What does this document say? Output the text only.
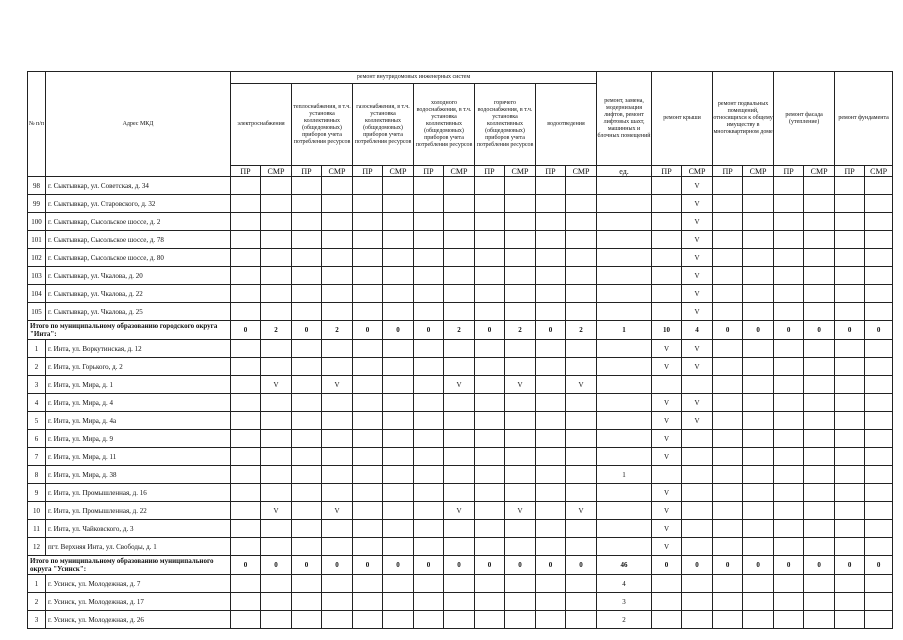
№ п/п	Адрес МКД	ремонт внутридомовых инженерных систем												ремонт, замена, модернизация лифтов, ремонт лифтовых шахт, машинных и блочных помещений	ремонт крыши		ремонт подвальных помещений, относящихся к общему имуществу в многоквартирном доме		ремонт фасада (утепление)		ремонт фундамента	
		электроснабжения		теплоснабжения, в т.ч. установка коллективных (общедомовых) приборов учета потребления ресурсов		газоснабжения, в т.ч. установка коллективных (общедомовых) приборов учета потребления ресурсов		холодного водоснабжения, в т.ч. установка коллективных (общедомовых) приборов учета потребления ресурсов		горячего водоснабжения, в т.ч. установка коллективных (общедомовых) приборов учета потребления ресурсов		водоотведения										
		ПР	СМР	ПР	СМР	ПР	СМР	ПР	СМР	ПР	СМР	ПР	СМР	ед.	ПР	СМР	ПР	СМР	ПР	СМР	ПР	СМР
98	г. Сыктывкар, ул. Советская, д. 34															V						
99	г. Сыктывкар, ул. Старовского, д. 32															V						
100	г. Сыктывкар, Сысольское шоссе, д. 2															V						
101	г. Сыктывкар, Сысольское шоссе, д. 78															V						
102	г. Сыктывкар, Сысольское шоссе, д. 80															V						
103	г. Сыктывкар, ул. Чкалова, д. 20															V						
104	г. Сыктывкар, ул. Чкалова, д. 22															V						
105	г. Сыктывкар, ул. Чкалова, д. 25															V						
Итого по муниципальному образованию городского округа "Инта":		0	2	0	2	0	0	0	2	0	2	0	2	1	10	4	0	0	0	0	0	0
1	г. Инта, ул. Воркутинская, д. 12														V	V						
2	г. Инта, ул. Горького, д. 2														V	V						
3	г. Инта, ул. Мира, д. 1		V		V				V		V		V									
4	г. Инта, ул. Мира, д. 4														V	V						
5	г. Инта, ул. Мира, д. 4а														V	V						
6	г. Инта, ул. Мира, д. 9														V							
7	г. Инта, ул. Мира, д. 11														V							
8	г. Инта, ул. Мира, д. 38													1								
9	г. Инта, ул. Промышленная, д. 16														V							
10	г. Инта, ул. Промышленная, д. 22		V		V				V		V		V		V							
11	г. Инта, ул. Чайковского, д. 3														V							
12	пгт. Верхняя Инта, ул. Свободы, д. 1														V							
Итого по муниципальному образованию муниципального округа "Усинск":		0	0	0	0	0	0	0	0	0	0	0	0	46	0	0	0	0	0	0	0	0
1	г. Усинск, ул. Молодежная, д. 7													4								
2	г. Усинск, ул. Молодежная, д. 17													3								
3	г. Усинск, ул. Молодежная, д. 26													2								
